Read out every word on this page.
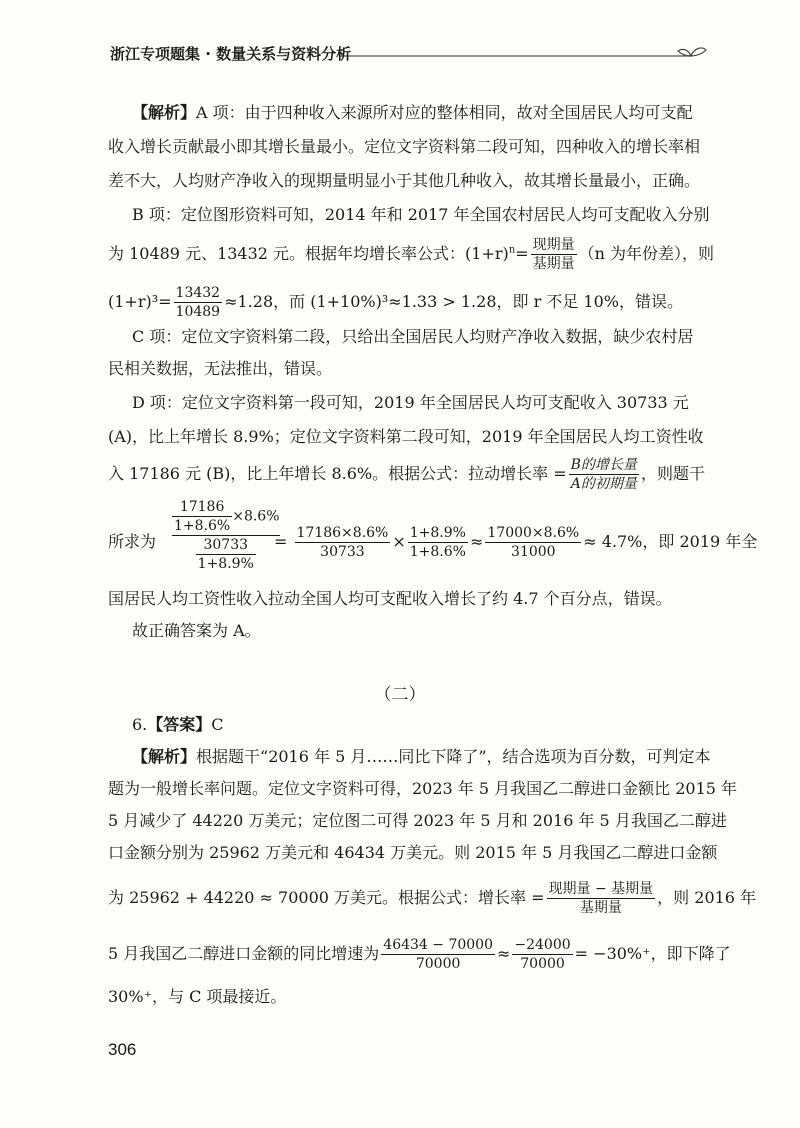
浙江专项题集 · 数量关系与资料分析
【解析】A 项：由于四种收入来源所对应的整体相同，故对全国居民人均可支配
收入增长贡献最小即其增长量最小。定位文字资料第二段可知，四种收入的增长率相
差不大，人均财产净收入的现期量明显小于其他几种收入，故其增长量最小，正确。
B 项：定位图形资料可知，2014 年和 2017 年全国农村居民人均可支配收入分别
为 10489 元、13432 元。根据年均增长率公式：$(1+r)^n= \frac{\text{现期量}}{\text{基期量}} (n$ 为年份差），则
$(1+r)^3= \frac{13432}{10489} \approx 1.28$，而 (1+10%)³≈1.33 > 1.28，即 r 不足 10%，错误。
C 项：定位文字资料第二段，只给出全国居民人均财产净收入数据，缺少农村居
民相关数据，无法推出，错误。
D 项：定位文字资料第一段可知，2019 年全国居民人均可支配收入 30733 元
(A)，比上年增长 8.9%；定位文字资料第二段可知，2019 年全国居民人均工资性收
入 17186 元 (B)，比上年增长 8.6%。根据公式：拉动增长率 = $\frac{\text{B的增长量}}{\text{A的初期量}}$ ，则题干
$\frac{17186}{1+8.6\%} \times 8.6\%$
$\frac{30733}{1+8.9\%}$
所求为	= $\frac{17186\times 8.6\%}{30733} \times \frac{1+8.9\%}{1+8.6\%} \approx \frac{17000\times 8.6\%}{31000} \approx 4.7\%$，即 2019 年全
国居民人均工资性收入拉动全国人均可支配收入增长了约 4.7 个百分点，错误。
故正确答案为 A。
（二）
6.【答案】C
【解析】根据题干“2016 年 5 月……同比下降了”，结合选项为百分数，可判定本
题为一般增长率问题。定位文字资料可得，2023 年 5 月我国乙二醇进口金额比 2015 年
5 月减少了 44220 万美元；定位图二可得 2023 年 5 月和 2016 年 5 月我国乙二醇进
口金额分别为 25962 万美元和 46434 万美元。则 2015 年 5 月我国乙二醇进口金额
为 25962 + 44220 ≈ 70000 万美元。根据公式：增长率 = $\frac{\text{现期量 − 基期量}}{\text{基期量}}$ ，则 2016 年
5 月我国乙二醇进口金额的同比增速为 $\frac{46434 - 70000}{70000} \approx \frac{-24000}{70000} = -30\%^+$，即下降了
30%⁺，与 C 项最接近。
306
